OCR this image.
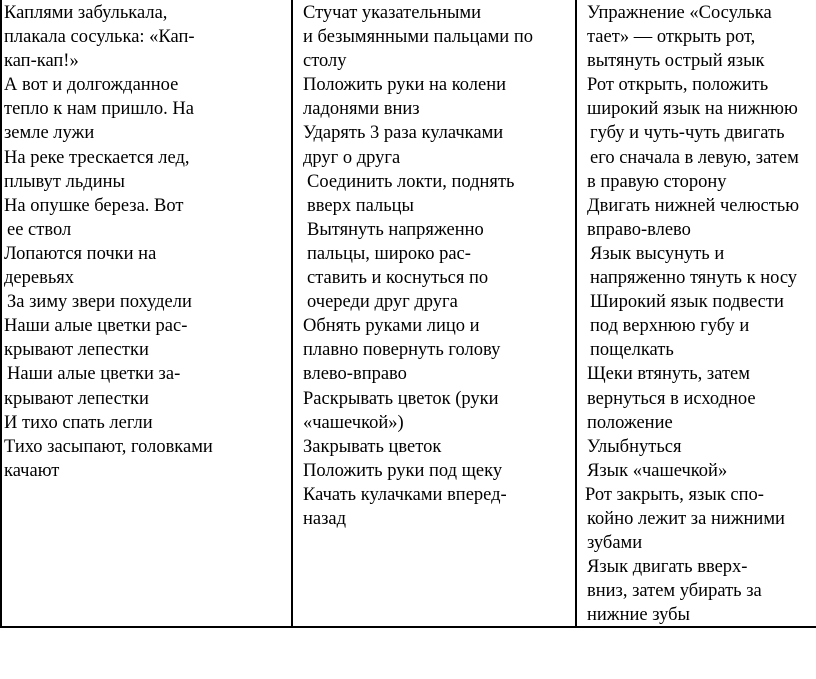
Каплями забулькала,
плакала сосулька: «Кап-
кап-кап!»
А вот и долгожданное
тепло к нам пришло. На
земле лужи
На реке трескается лед,
плывут льдины
На опушке береза. Вот
ее ствол
Лопаются почки на
деревьях
За зиму звери похудели
Наши алые цветки рас-
крывают лепестки
Наши алые цветки за-
крывают лепестки
И тихо спать легли
Тихо засыпают, головками
качают
Стучат указательными
и безымянными пальцами по
столу
Положить руки на колени
ладонями вниз
Ударять 3 раза кулачками
друг о друга
Соединить локти, поднять
вверх пальцы
Вытянуть напряженно
пальцы, широко рас-
ставить и коснуться по
очереди друг друга
Обнять руками лицо и
плавно повернуть голову
влево-вправо
Раскрывать цветок (руки
«чашечкой»)
Закрывать цветок
Положить руки под щеку
Качать кулачками вперед-
назад
Упражнение «Сосулька
тает» — открыть рот,
вытянуть острый язык
Рот открыть, положить
широкий язык на нижнюю
губу и чуть-чуть двигать
его сначала в левую, затем
в правую сторону
Двигать нижней челюстью
вправо-влево
Язык высунуть и
напряженно тянуть к носу
Широкий язык подвести
под верхнюю губу и
пощелкать
Щеки втянуть, затем
вернуться в исходное
положение
Улыбнуться
Язык «чашечкой»
Рот закрыть, язык спо-
койно лежит за нижними
зубами
Язык двигать вверх-
вниз, затем убирать за
нижние зубы
